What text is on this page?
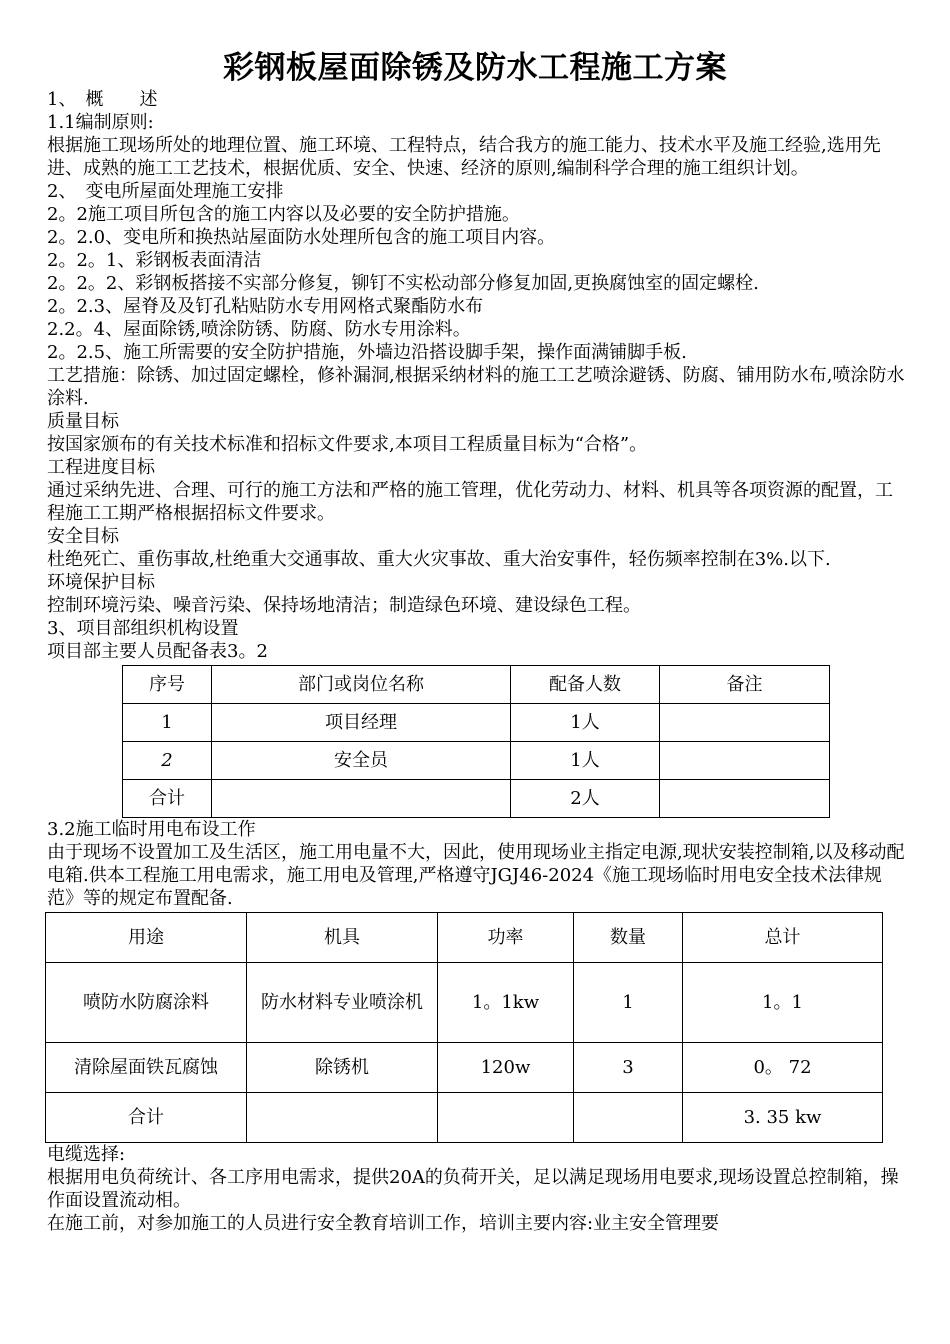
彩钢板屋面除锈及防水工程施工方案

1、　概　　述

1.1编制原则:

根据施工现场所处的地理位置、施工环境、工程特点，结合我方的施工能力、技术水平及施工经验,选用先进、成熟的施工工艺技术，根据优质、安全、快速、经济的原则,编制科学合理的施工组织计划。

2、　变电所屋面处理施工安排

2。2施工项目所包含的施工内容以及必要的安全防护措施。

2。2.0、变电所和换热站屋面防水处理所包含的施工项目内容。

2。2。1、彩钢板表面清洁

2。2。2、彩钢板搭接不实部分修复，铆钉不实松动部分修复加固,更换腐蚀室的固定螺栓.

2。2.3、屋脊及及钉孔粘贴防水专用网格式聚酯防水布

2.2。4、屋面除锈,喷涂防锈、防腐、防水专用涂料。

2。2.5、施工所需要的安全防护措施，外墙边沿搭设脚手架，操作面满铺脚手板.

工艺措施：除锈、加过固定螺栓，修补漏洞,根据采纳材料的施工工艺喷涂避锈、防腐、铺用防水布,喷涂防水涂料.

质量目标

按国家颁布的有关技术标准和招标文件要求,本项目工程质量目标为“合格”。

工程进度目标

通过采纳先进、合理、可行的施工方法和严格的施工管理，优化劳动力、材料、机具等各项资源的配置，工程施工工期严格根据招标文件要求。

安全目标

杜绝死亡、重伤事故,杜绝重大交通事故、重大火灾事故、重大治安事件，轻伤频率控制在3%.以下.

环境保护目标

控制环境污染、噪音污染、保持场地清洁；制造绿色环境、建设绿色工程。

3、项目部组织机构设置

项目部主要人员配备表3。2

序号	部门或岗位名称	配备人数	备注
1	项目经理	1人	
2	安全员	1人	
合计		2人	

3.2施工临时用电布设工作

由于现场不设置加工及生活区，施工用电量不大，因此，使用现场业主指定电源,现状安装控制箱,以及移动配电箱.供本工程施工用电需求，施工用电及管理,严格遵守JGJ46-2024《施工现场临时用电安全技术法律规范》等的规定布置配备.

用途	机具	功率	数量	总计
喷防水防腐涂料	防水材料专业喷涂机	1。1kw	1	1。1
清除屋面铁瓦腐蚀	除锈机	120w	3	0。 72
合计				3. 35 kw

电缆选择:

根据用电负荷统计、各工序用电需求，提供20A的负荷开关，足以满足现场用电要求,现场设置总控制箱，操作面设置流动相。

在施工前，对参加施工的人员进行安全教育培训工作，培训主要内容:业主安全管理要
